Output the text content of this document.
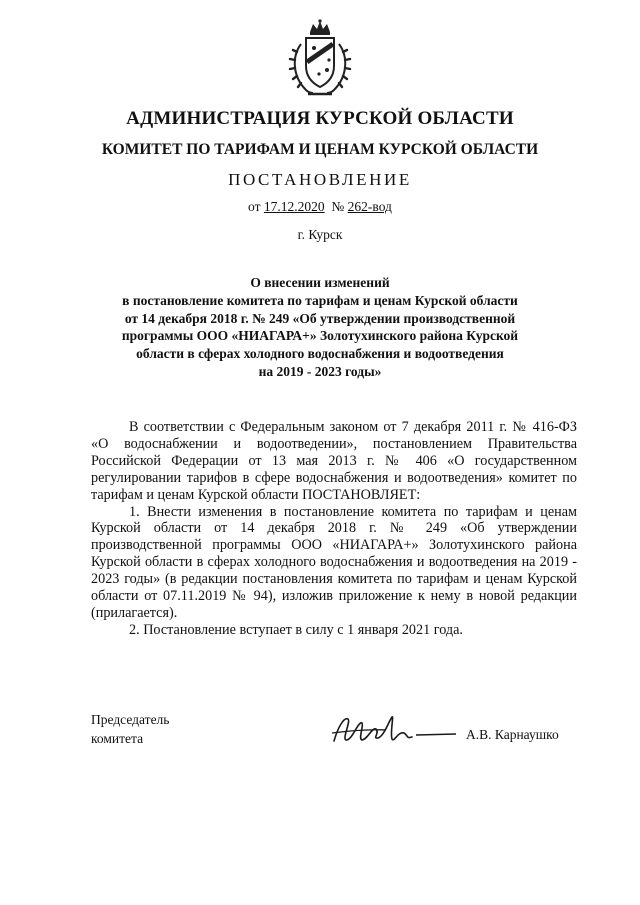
АДМИНИСТРАЦИЯ КУРСКОЙ ОБЛАСТИ
КОМИТЕТ ПО ТАРИФАМ И ЦЕНАМ КУРСКОЙ ОБЛАСТИ
ПОСТАНОВЛЕНИЕ
от 17.12.2020 № 262-вод
г. Курск
О внесении изменений
в постановление комитета по тарифам и ценам Курской области
от 14 декабря 2018 г. № 249 «Об утверждении производственной
программы ООО «НИАГАРА+» Золотухинского района Курской
области в сферах холодного водоснабжения и водоотведения
на 2019 - 2023 годы»

В соответствии с Федеральным законом от 7 декабря 2011 г. № 416-ФЗ «О водоснабжении и водоотведении», постановлением Правительства Российской Федерации от 13 мая 2013 г. № 406 «О государственном регулировании тарифов в сфере водоснабжения и водоотведения» комитет по тарифам и ценам Курской области ПОСТАНОВЛЯЕТ:

1. Внести изменения в постановление комитета по тарифам и ценам Курской области от 14 декабря 2018 г. № 249 «Об утверждении производственной программы ООО «НИАГАРА+» Золотухинского района Курской области в сферах холодного водоснабжения и водоотведения на 2019 - 2023 годы» (в редакции постановления комитета по тарифам и ценам Курской области от 07.11.2019 № 94), изложив приложение к нему в новой редакции (прилагается).

2. Постановление вступает в силу с 1 января 2021 года.

Председатель
комитета	А.В. Карнаушко
